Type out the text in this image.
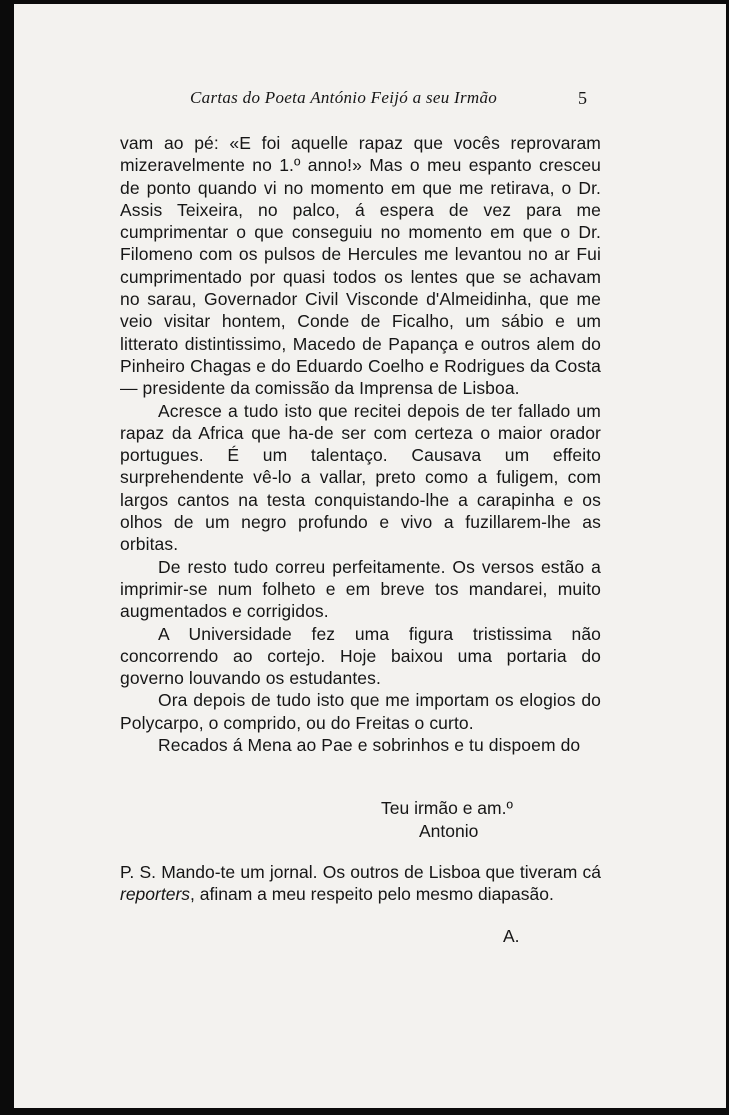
Cartas do Poeta António Feijó a seu Irmão	5

vam ao pé: «E foi aquelle rapaz que vocês reprovaram mizeravelmente no 1.º anno!» Mas o meu espanto cresceu de ponto quando vi no momento em que me retirava, o Dr. Assis Teixeira, no palco, á espera de vez para me cumprimentar o que conseguiu no momento em que o Dr. Filomeno com os pulsos de Hercules me levantou no ar Fui cumprimentado por quasi todos os lentes que se achavam no sarau, Governador Civil Visconde d'Almeidinha, que me veio visitar hontem, Conde de Ficalho, um sábio e um litterato distintissimo, Macedo de Papança e outros alem do Pinheiro Chagas e do Eduardo Coelho e Rodrigues da Costa — presidente da comissão da Imprensa de Lisboa.

Acresce a tudo isto que recitei depois de ter fallado um rapaz da Africa que ha-de ser com certeza o maior orador portugues. É um talentaço. Causava um effeito surprehendente vê-lo a vallar, preto como a fuligem, com largos cantos na testa conquistando-lhe a carapinha e os olhos de um negro profundo e vivo a fuzillarem-lhe as orbitas.

De resto tudo correu perfeitamente. Os versos estão a imprimir-se num folheto e em breve tos mandarei, muito augmentados e corrigidos.

A Universidade fez uma figura tristissima não concorrendo ao cortejo. Hoje baixou uma portaria do governo louvando os estudantes.

Ora depois de tudo isto que me importam os elogios do Polycarpo, o comprido, ou do Freitas o curto.

Recados á Mena ao Pae e sobrinhos e tu dispoem do

Teu irmão e am.º
Antonio

P. S. Mando-te um jornal. Os outros de Lisboa que tiveram cá reporters, afinam a meu respeito pelo mesmo diapasão.

A.
